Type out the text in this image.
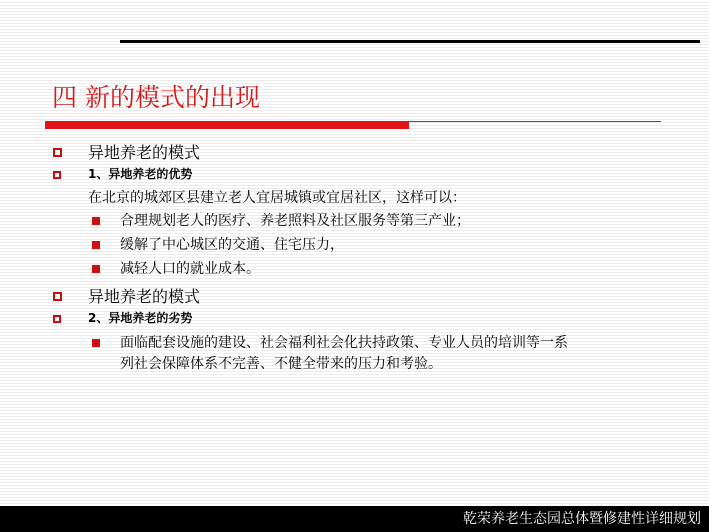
四 新的模式的出现
异地养老的模式
1、异地养老的优势
在北京的城郊区县建立老人宜居城镇或宜居社区，这样可以：
合理规划老人的医疗、养老照料及社区服务等第三产业；
缓解了中心城区的交通、住宅压力，
减轻人口的就业成本。
异地养老的模式
2、异地养老的劣势
面临配套设施的建设、社会福利社会化扶持政策、专业人员的培训等一系
列社会保障体系不完善、不健全带来的压力和考验。
乾荣养老生态园总体暨修建性详细规划
